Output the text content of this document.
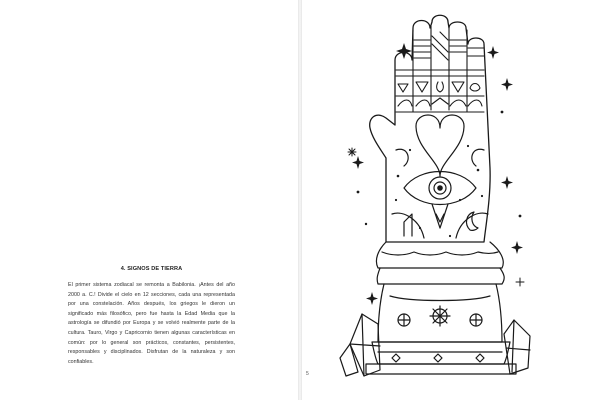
4. SIGNOS DE TIERRA

El primer sistema zodiacal se remonta a Babilonia. ¡Antes del año 2000 a. C.! Divide el cielo en 12 secciones, cada una representada por una constelación. Años después, los griegos le dieron un significado más filosófico, pero fue hasta la Edad Media que la astrología se difundió por Europa y se volvió realmente parte de la cultura. Tauro, Virgo y Capricornio tienen algunas características en común: por lo general son prácticos, constantes, persistentes, responsables y disciplinados. Disfrutan de la naturaleza y son confiables.

5
